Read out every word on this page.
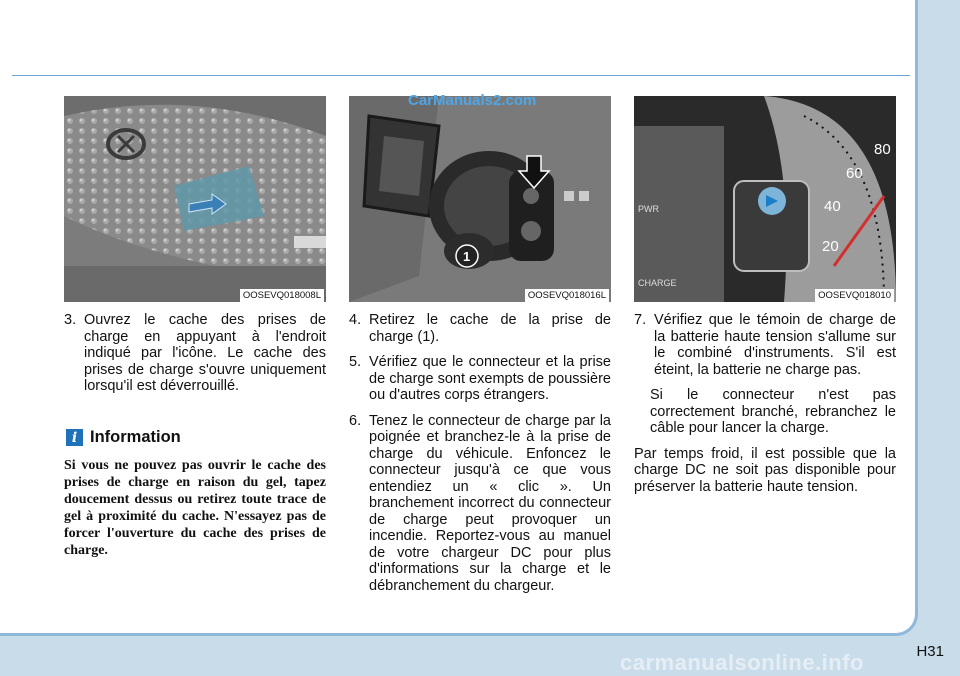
OOSEVQ018008L
1
OOSEVQ018016L
PWR
CHARGE
80
60
40
20
OOSEVQ018010
CarManuals2.com
3. Ouvrez le cache des prises de charge en appuyant à l'endroit indiqué par l'icône. Le cache des prises de charge s'ouvre uniquement lorsqu'il est déverrouillé.
i Information
Si vous ne pouvez pas ouvrir le cache des prises de charge en raison du gel, tapez doucement dessus ou retirez toute trace de gel à proximité du cache. N'essayez pas de forcer l'ouverture du cache des prises de charge.
4. Retirez le cache de la prise de charge (1).
5. Vérifiez que le connecteur et la prise de charge sont exempts de poussière ou d'autres corps étrangers.
6. Tenez le connecteur de charge par la poignée et branchez-le à la prise de charge du véhicule. Enfoncez le connecteur jusqu'à ce que vous entendiez un « clic ». Un branchement incorrect du connecteur de charge peut provoquer un incendie. Reportez-vous au manuel de votre chargeur DC pour plus d'informations sur la charge et le débranchement du chargeur.
7. Vérifiez que le témoin de charge de la batterie haute tension s'allume sur le combiné d'instruments. S'il est éteint, la batterie ne charge pas.
Si le connecteur n'est pas correctement branché, rebranchez le câble pour lancer la charge.
Par temps froid, il est possible que la charge DC ne soit pas disponible pour préserver la batterie haute tension.
H31
carmanualsonline.info
